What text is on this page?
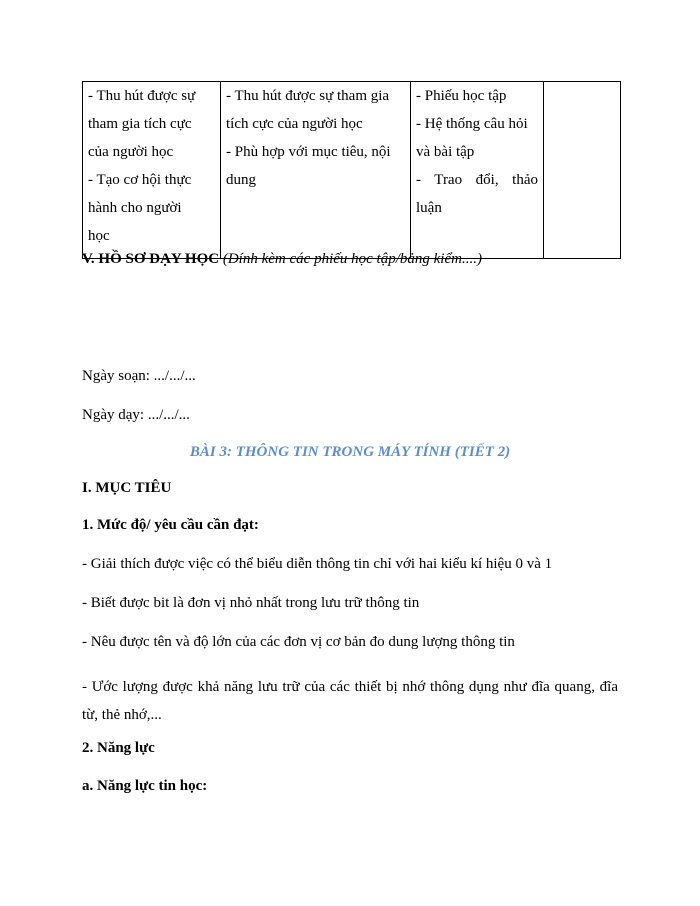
- Thu hút được sự
tham gia tích cực
của người học
- Tạo cơ hội thực
hành cho người
học

- Thu hút được sự tham gia
tích cực của người học
- Phù hợp với mục tiêu, nội
dung

- Phiếu học tập
- Hệ thống câu hỏi
và bài tập
- Trao đổi, thảo
luận

V. HỒ SƠ DẠY HỌC (Đính kèm các phiếu học tập/bảng kiểm....)
Ngày soạn: .../.../...
Ngày dạy: .../.../...
BÀI 3: THÔNG TIN TRONG MÁY TÍNH (TIẾT 2)
I. MỤC TIÊU
1. Mức độ/ yêu cầu cần đạt:
- Giải thích được việc có thể biểu diễn thông tin chỉ với hai kiểu kí hiệu 0 và 1
- Biết được bit là đơn vị nhỏ nhất trong lưu trữ thông tin
- Nêu được tên và độ lớn của các đơn vị cơ bản đo dung lượng thông tin
- Ước lượng được khả năng lưu trữ của các thiết bị nhớ thông dụng như đĩa quang, đĩa từ, thẻ nhớ,...
2. Năng lực
a. Năng lực tin học:
